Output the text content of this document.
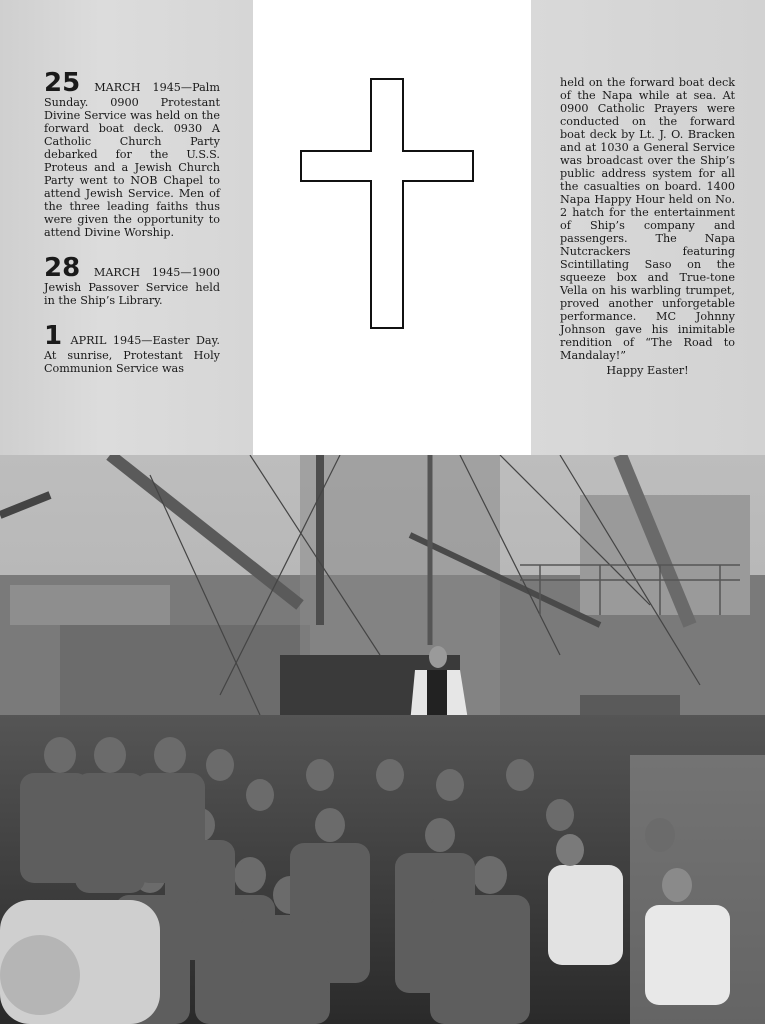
25 MARCH 1945—Palm Sunday. 0900 Protestant Divine Service was held on the forward boat deck. 0930 A Catholic Church Party debarked for the U.S.S. Proteus and a Jewish Church Party went to NOB Chapel to attend Jewish Service. Men of the three leading faiths thus were given the opportunity to attend Divine Worship.
28 MARCH 1945—1900 Jewish Passover Service held in the Ship’s Library.
1 APRIL 1945—Easter Day. At sunrise, Protestant Holy Communion Service was
held on the forward boat deck of the Napa while at sea. At 0900 Catholic Prayers were conducted on the forward boat deck by Lt. J. O. Bracken and at 1030 a General Service was broadcast over the Ship’s public address system for all the casualties on board. 1400 Napa Happy Hour held on No. 2 hatch for the entertainment of Ship’s company and passengers. The Napa Nutcrackers featuring Scintillating Saso on the squeeze box and True-tone Vella on his warbling trumpet, proved another unforgetable performance. MC Johnny Johnson gave his inimitable rendition of “The Road to Mandalay!”
Happy Easter!
